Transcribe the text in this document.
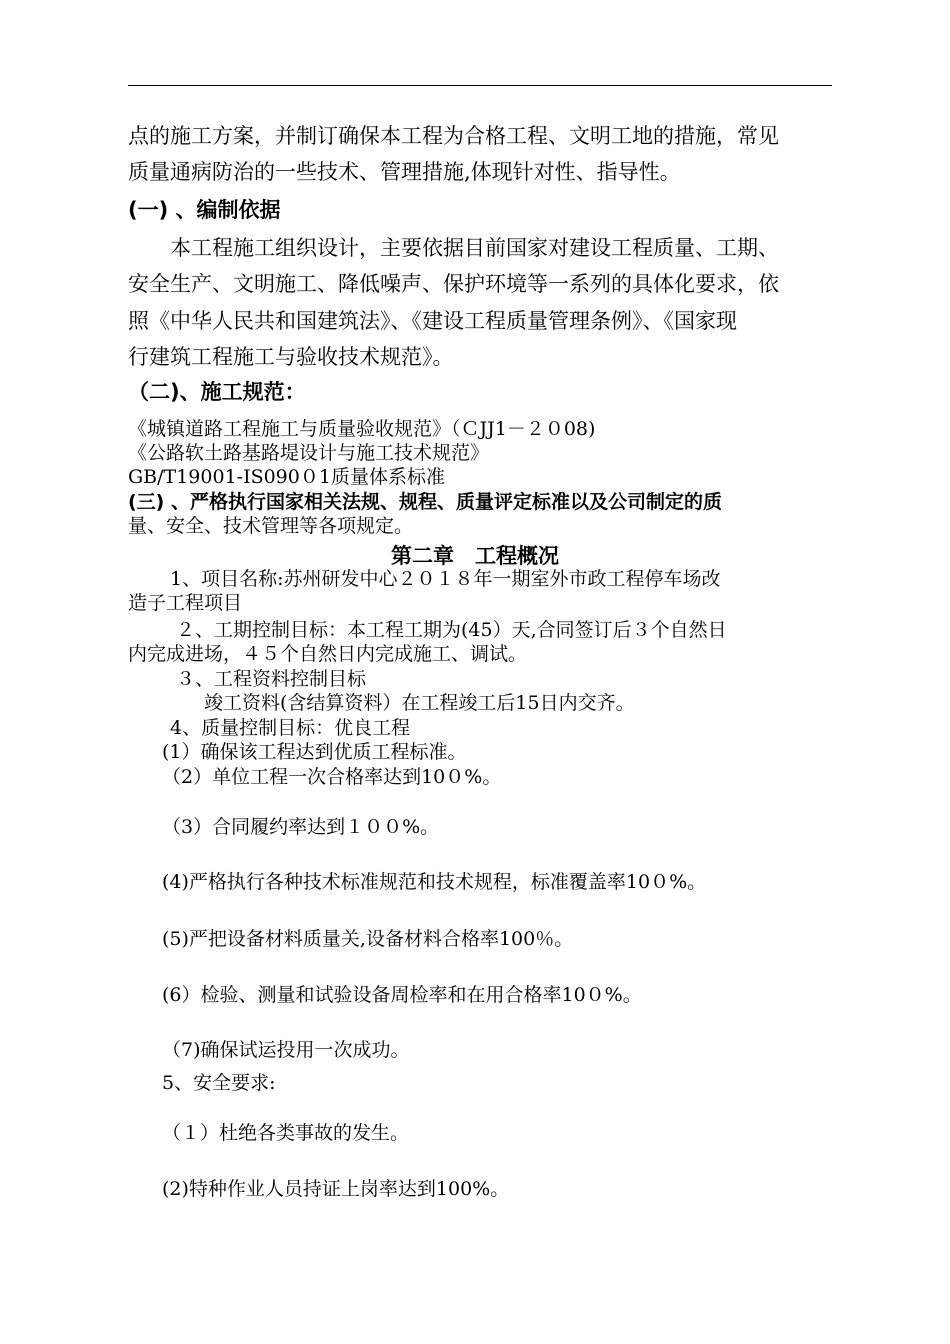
点的施工方案，并制订确保本工程为合格工程、文明工地的措施，常见
质量通病防治的一些技术、管理措施,体现针对性、指导性。
(一) 、编制依据
本工程施工组织设计，主要依据目前国家对建设工程质量、工期、
安全生产、文明施工、降低噪声、保护环境等一系列的具体化要求，依
照《中华人民共和国建筑法》、《建设工程质量管理条例》、《国家现
行建筑工程施工与验收技术规范》。
（二)、施工规范：
《城镇道路工程施工与质量验收规范》（ＣJJ1－２０08)
《公路软土路基路堤设计与施工技术规范》
GB/T19001-IS090０1质量体系标准
(三) 、严格执行国家相关法规、规程、质量评定标准以及公司制定的质
量、安全、技术管理等各项规定。
第二章　工程概况
1、项目名称:苏州研发中心２０１８年一期室外市政工程停车场改
造子工程项目
２、工期控制目标：本工程工期为(45）天,合同签订后３个自然日
内完成进场，４５个自然日内完成施工、调试。
３、工程资料控制目标
竣工资料(含结算资料）在工程竣工后15日内交齐。
4、质量控制目标：优良工程
(1）确保该工程达到优质工程标准。
（2）单位工程一次合格率达到10０%。
（3）合同履约率达到１００%。
(4)严格执行各种技术标准规范和技术规程，标准覆盖率10０%。
(5)严把设备材料质量关,设备材料合格率100％。
(6）检验、测量和试验设备周检率和在用合格率10０%。
（7)确保试运投用一次成功。
5、安全要求:
（１）杜绝各类事故的发生。
(2)特种作业人员持证上岗率达到100%。
